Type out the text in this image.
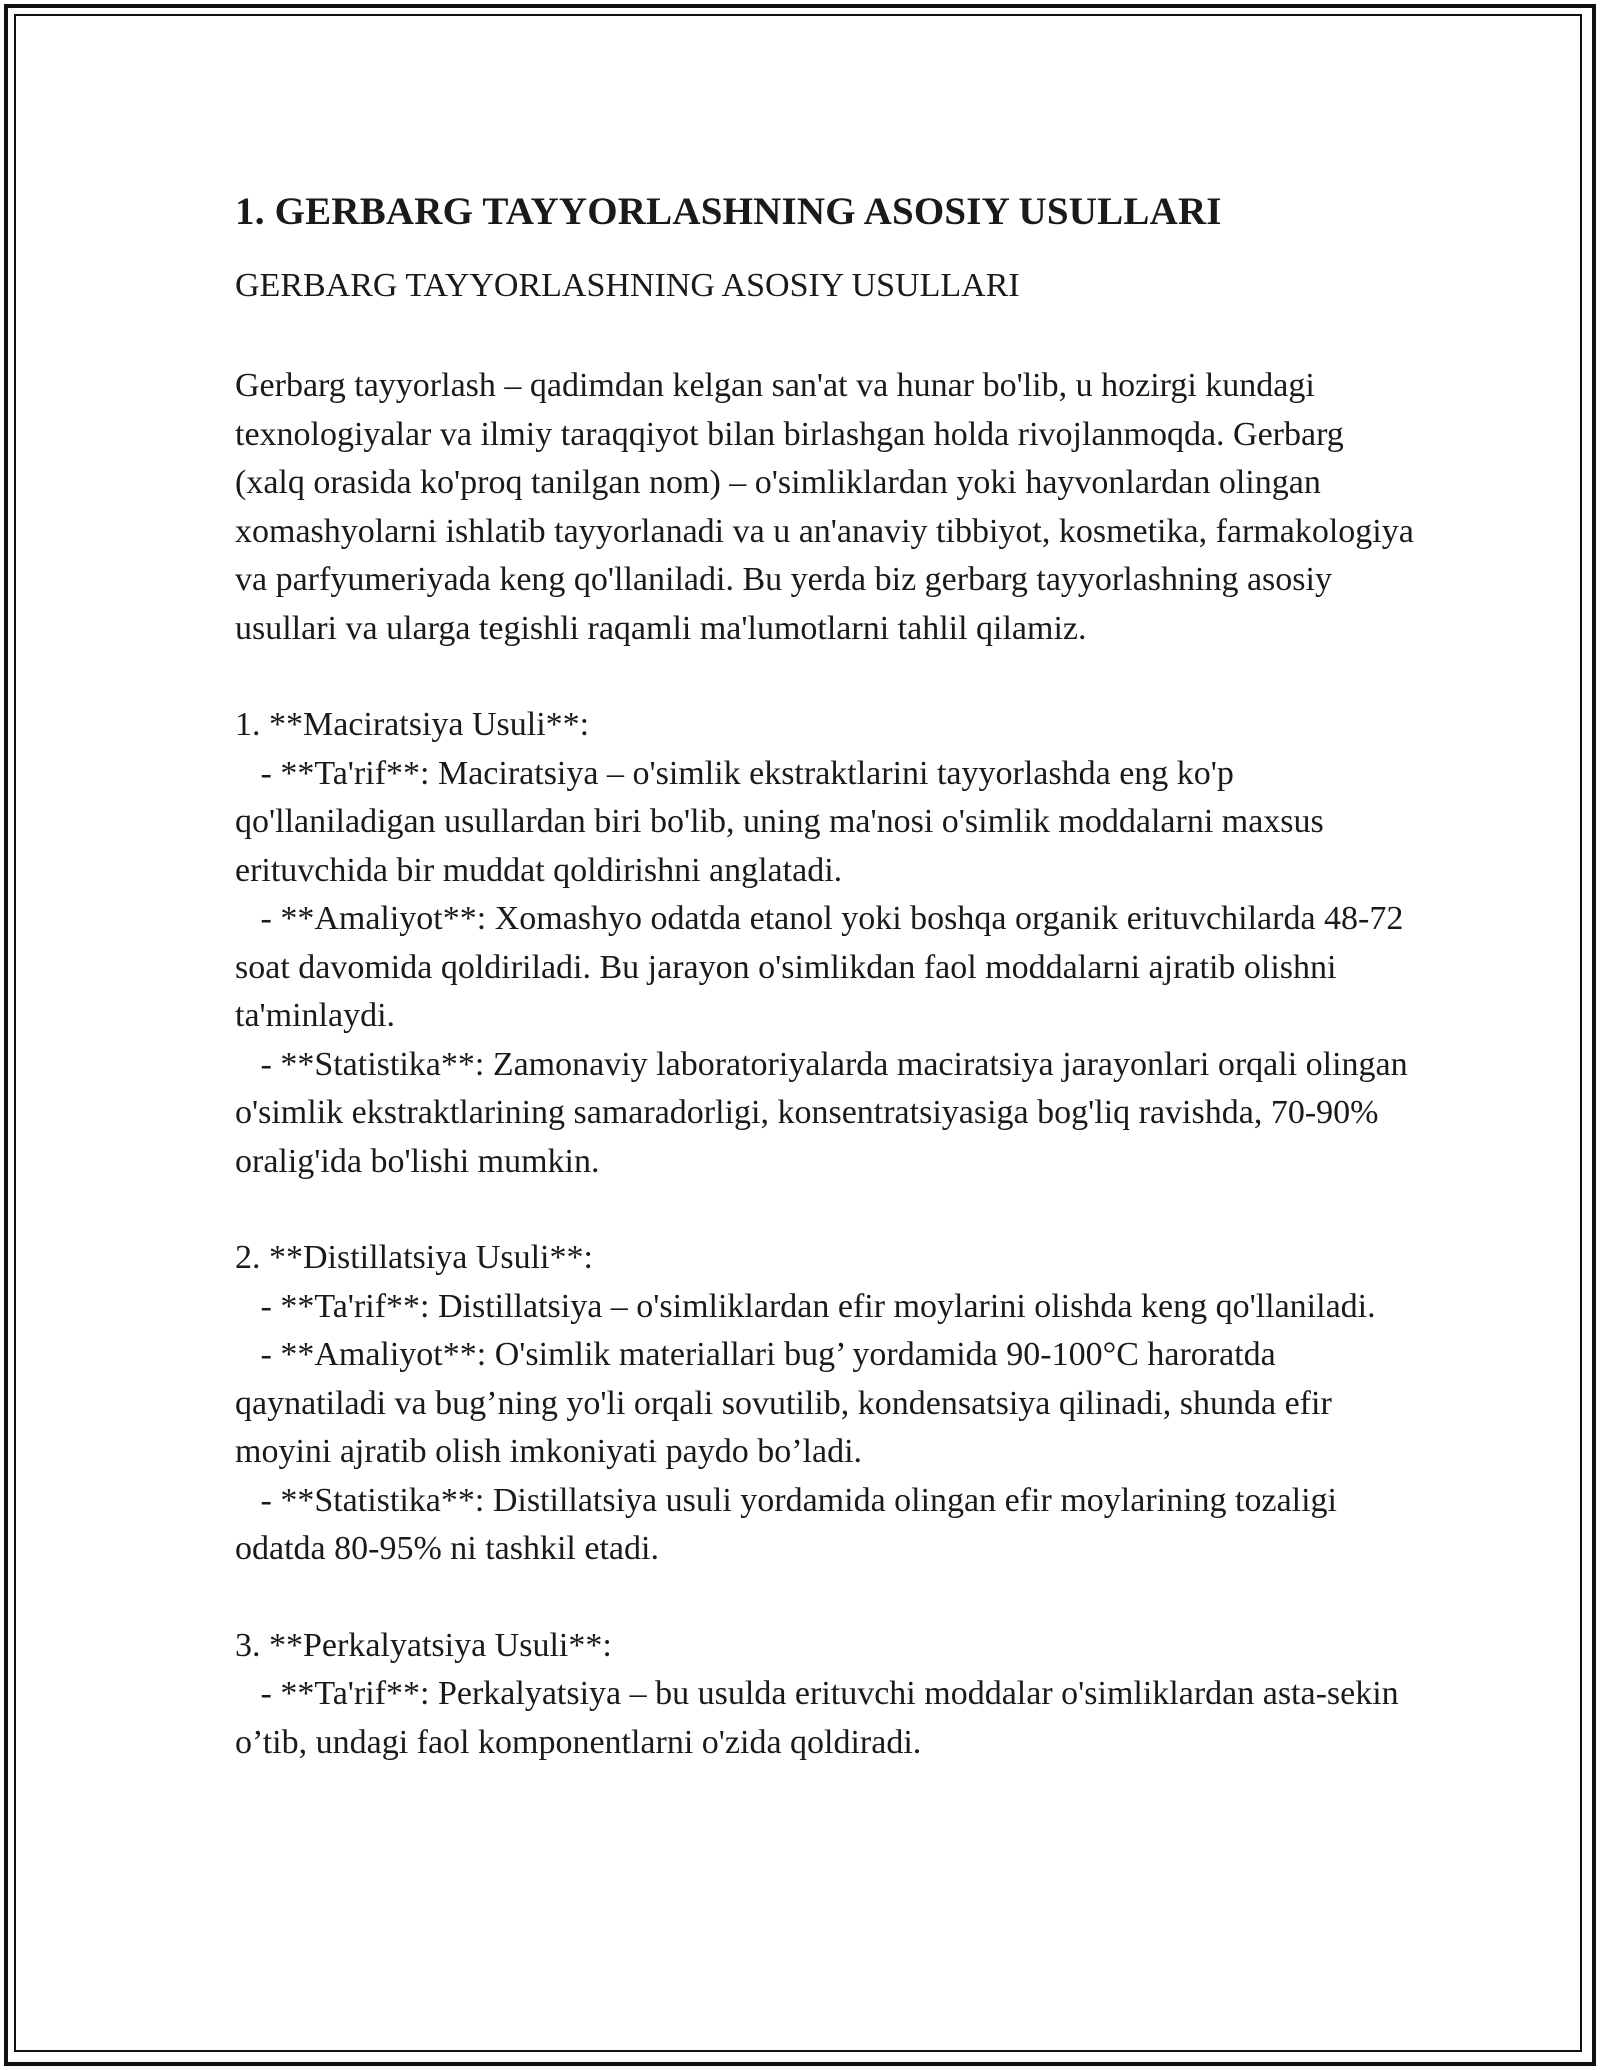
1. GERBARG TAYYORLASHNING ASOSIY USULLARI
GERBARG TAYYORLASHNING ASOSIY USULLARI

Gerbarg tayyorlash – qadimdan kelgan san'at va hunar bo'lib, u hozirgi kundagi texnologiyalar va ilmiy taraqqiyot bilan birlashgan holda rivojlanmoqda. Gerbarg (xalq orasida ko'proq tanilgan nom) – o'simliklardan yoki hayvonlardan olingan xomashyolarni ishlatib tayyorlanadi va u an'anaviy tibbiyot, kosmetika, farmakologiya va parfyumeriyada keng qo'llaniladi. Bu yerda biz gerbarg tayyorlashning asosiy usullari va ularga tegishli raqamli ma'lumotlarni tahlil qilamiz.

1. **Maciratsiya Usuli**:
- **Ta'rif**: Maciratsiya – o'simlik ekstraktlarini tayyorlashda eng ko'p qo'llaniladigan usullardan biri bo'lib, uning ma'nosi o'simlik moddalarni maxsus erituvchida bir muddat qoldirishni anglatadi.
- **Amaliyot**: Xomashyo odatda etanol yoki boshqa organik erituvchilarda 48-72 soat davomida qoldiriladi. Bu jarayon o'simlikdan faol moddalarni ajratib olishni ta'minlaydi.
- **Statistika**: Zamonaviy laboratoriyalarda maciratsiya jarayonlari orqali olingan o'simlik ekstraktlarining samaradorligi, konsentratsiyasiga bog'liq ravishda, 70-90% oralig'ida bo'lishi mumkin.
2. **Distillatsiya Usuli**:
- **Ta'rif**: Distillatsiya – o'simliklardan efir moylarini olishda keng qo'llaniladi.
- **Amaliyot**: O'simlik materiallari bug’ yordamida 90-100°C haroratda qaynatiladi va bug’ning yo'li orqali sovutilib, kondensatsiya qilinadi, shunda efir moyini ajratib olish imkoniyati paydo bo’ladi.
- **Statistika**: Distillatsiya usuli yordamida olingan efir moylarining tozaligi odatda 80-95% ni tashkil etadi.
3. **Perkalyatsiya Usuli**:
- **Ta'rif**: Perkalyatsiya – bu usulda erituvchi moddalar o'simliklardan asta-sekin o’tib, undagi faol komponentlarni o'zida qoldiradi.
